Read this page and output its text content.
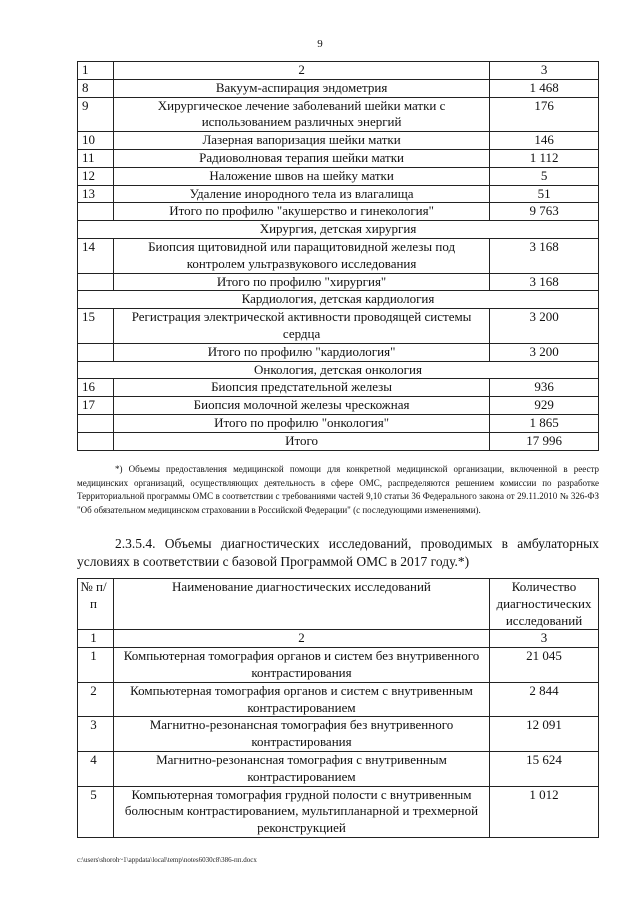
9
1	2	3
8	Вакуум-аспирация эндометрия	1 468
9	Хирургическое лечение заболеваний шейки матки с использованием различных энергий	176
10	Лазерная вапоризация шейки матки	146
11	Радиоволновая терапия шейки матки	1 112
12	Наложение швов на шейку матки	5
13	Удаление инородного тела из влагалища	51
	Итого по профилю "акушерство и гинекология"	9 763
Хирургия, детская хирургия		
14	Биопсия щитовидной или паращитовидной железы под контролем ультразвукового исследования	3 168
	Итого по профилю "хирургия"	3 168
Кардиология, детская кардиология		
15	Регистрация электрической активности проводящей системы сердца	3 200
	Итого по профилю "кардиология"	3 200
Онкология, детская онкология		
16	Биопсия предстательной железы	936
17	Биопсия молочной железы чрескожная	929
	Итого по профилю "онкология"	1 865
	Итого	17 996
*) Объемы предоставления медицинской помощи для конкретной медицинской организации, включенной в реестр медицинских организаций, осуществляющих деятельность в сфере ОМС, распределяются решением комиссии по разработке Территориальной программы ОМС в соответствии с требованиями частей 9,10 статьи 36 Федерального закона от 29.11.2010 № 326-ФЗ "Об обязательном медицинском страховании в Российской Федерации" (с последующими изменениями).
2.3.5.4. Объемы диагностических исследований, проводимых в амбулаторных условиях в соответствии с базовой Программой ОМС в 2017 году.*)
№ п/п	Наименование диагностических исследований	Количество диагностических исследований
1	2	3
1	Компьютерная томография органов и систем без внутривенного контрастирования	21 045
2	Компьютерная томография органов и систем с внутривенным контрастированием	2 844
3	Магнитно-резонансная томография без внутривенного контрастирования	12 091
4	Магнитно-резонансная томография с внутривенным контрастированием	15 624
5	Компьютерная томография грудной полости с внутривенным болюсным контрастированием, мультипланарной и трехмерной реконструкцией	1 012
c:\users\shoroh~1\appdata\local\temp\notes6030c8\386-пп.docx
